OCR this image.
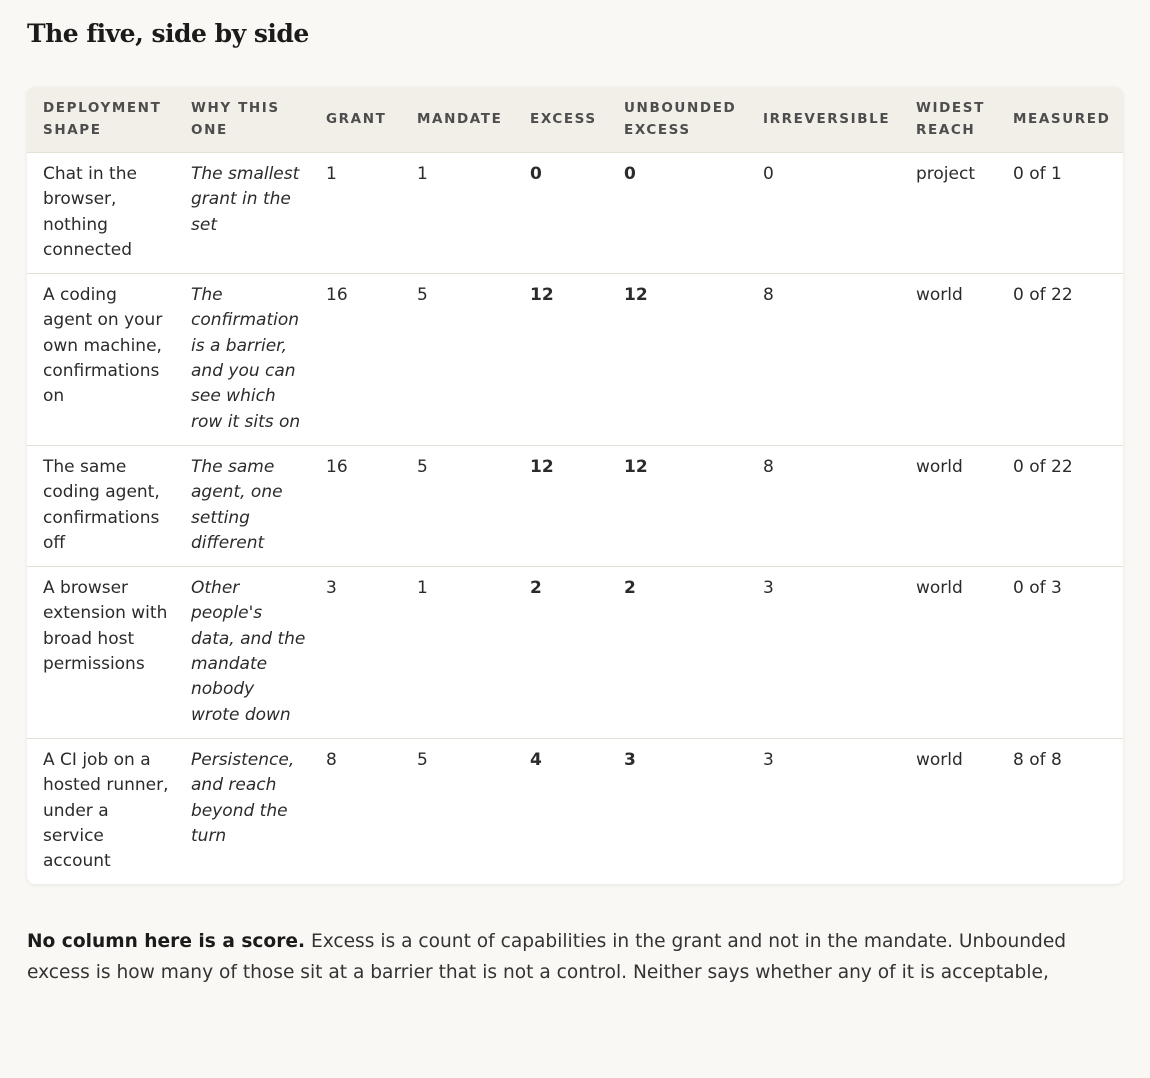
The five, side by side
DEPLOYMENT SHAPE	WHY THIS ONE	GRANT	MANDATE	EXCESS	UNBOUNDED EXCESS	IRREVERSIBLE	WIDEST REACH	MEASURED
Chat in the browser, nothing connected	The smallest grant in the set	1	1	0	0	0	project	0 of 1
A coding agent on your own machine, confirmations on	The confirmation is a barrier, and you can see which row it sits on	16	5	12	12	8	world	0 of 22
The same coding agent, confirmations off	The same agent, one setting different	16	5	12	12	8	world	0 of 22
A browser extension with broad host permissions	Other people's data, and the mandate nobody wrote down	3	1	2	2	3	world	0 of 3
A CI job on a hosted runner, under a service account	Persistence, and reach beyond the turn	8	5	4	3	3	world	8 of 8

No column here is a score. Excess is a count of capabilities in the grant and not in the mandate. Unbounded excess is how many of those sit at a barrier that is not a control. Neither says whether any of it is acceptable,
